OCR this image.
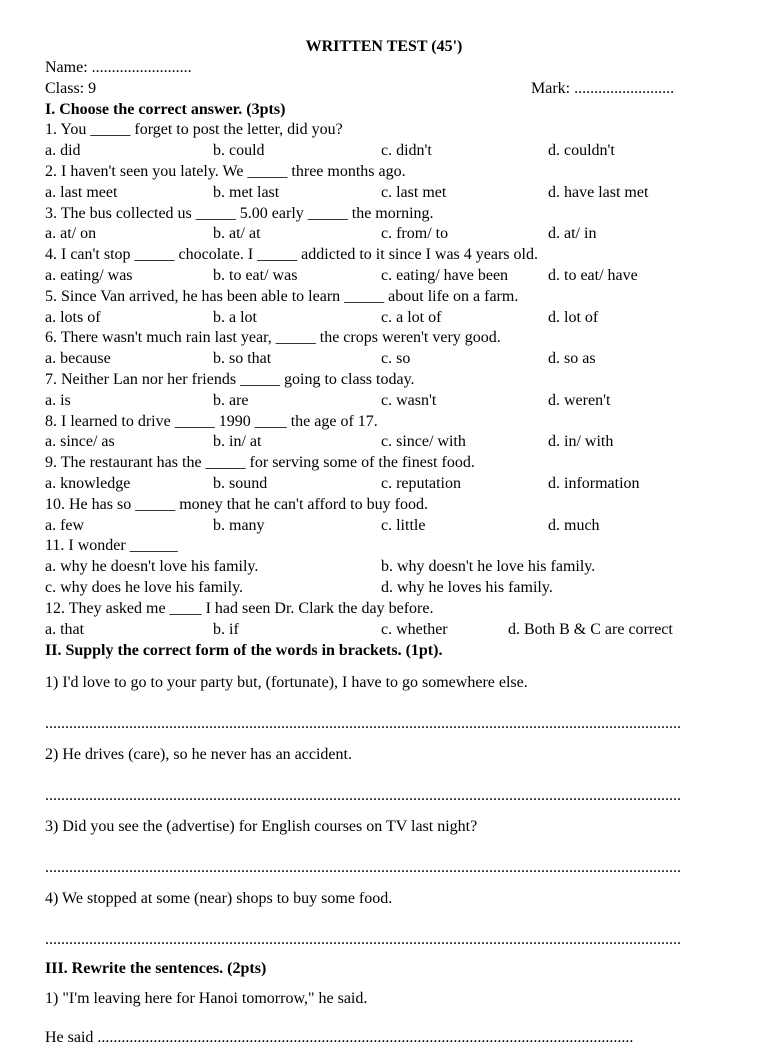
WRITTEN TEST (45')
Name: .........................
Class: 9	Mark: .........................
I. Choose the correct answer. (3pts)
1. You _____ forget to post the letter, did you?
a. did	b. could	c. didn't	d. couldn't
2. I haven't seen you lately. We _____ three months ago.
a. last meet	b. met last	c. last met	d. have last met
3. The bus collected us _____ 5.00 early _____ the morning.
a. at/ on	b. at/ at	c. from/ to	d. at/ in
4. I can't stop _____ chocolate. I _____ addicted to it since I was 4 years old.
a. eating/ was	b. to eat/ was	c. eating/ have been d. to eat/ have
5. Since Van arrived, he has been able to learn _____ about life on a farm.
a. lots of	b. a lot	c. a lot of	d. lot of
6. There wasn't much rain last year, _____ the crops weren't very good.
a. because	b. so that	c. so	d. so as
7. Neither Lan nor her friends _____ going to class today.
a. is	b. are	c. wasn't	d. weren't
8. I learned to drive _____ 1990 ____ the age of 17.
a. since/ as	b. in/ at	c. since/ with	d. in/ with
9. The restaurant has the _____ for serving some of the finest food.
a. knowledge	b. sound	c. reputation	d. information
10. He has so _____ money that he can't afford to buy food.
a. few	b. many	c. little	d. much
11. I wonder ______
a. why he doesn't love his family.	b. why doesn't he love his family.
c. why does he love his family.	d. why he loves his family.
12. They asked me ____ I had seen Dr. Clark the day before.
a. that	b. if	c. whether	d. Both B & C are correct
II. Supply the correct form of the words in brackets. (1pt).
1) I'd love to go to your party but, (fortunate), I have to go somewhere else.
...............................................................................................................................................................
2) He drives (care), so he never has an accident.
...............................................................................................................................................................
3) Did you see the (advertise) for English courses on TV last night?
...............................................................................................................................................................
4) We stopped at some (near) shops to buy some food.
...............................................................................................................................................................
III. Rewrite the sentences. (2pts)
1) "I'm leaving here for Hanoi tomorrow," he said.
He said ......................................................................................................................................
